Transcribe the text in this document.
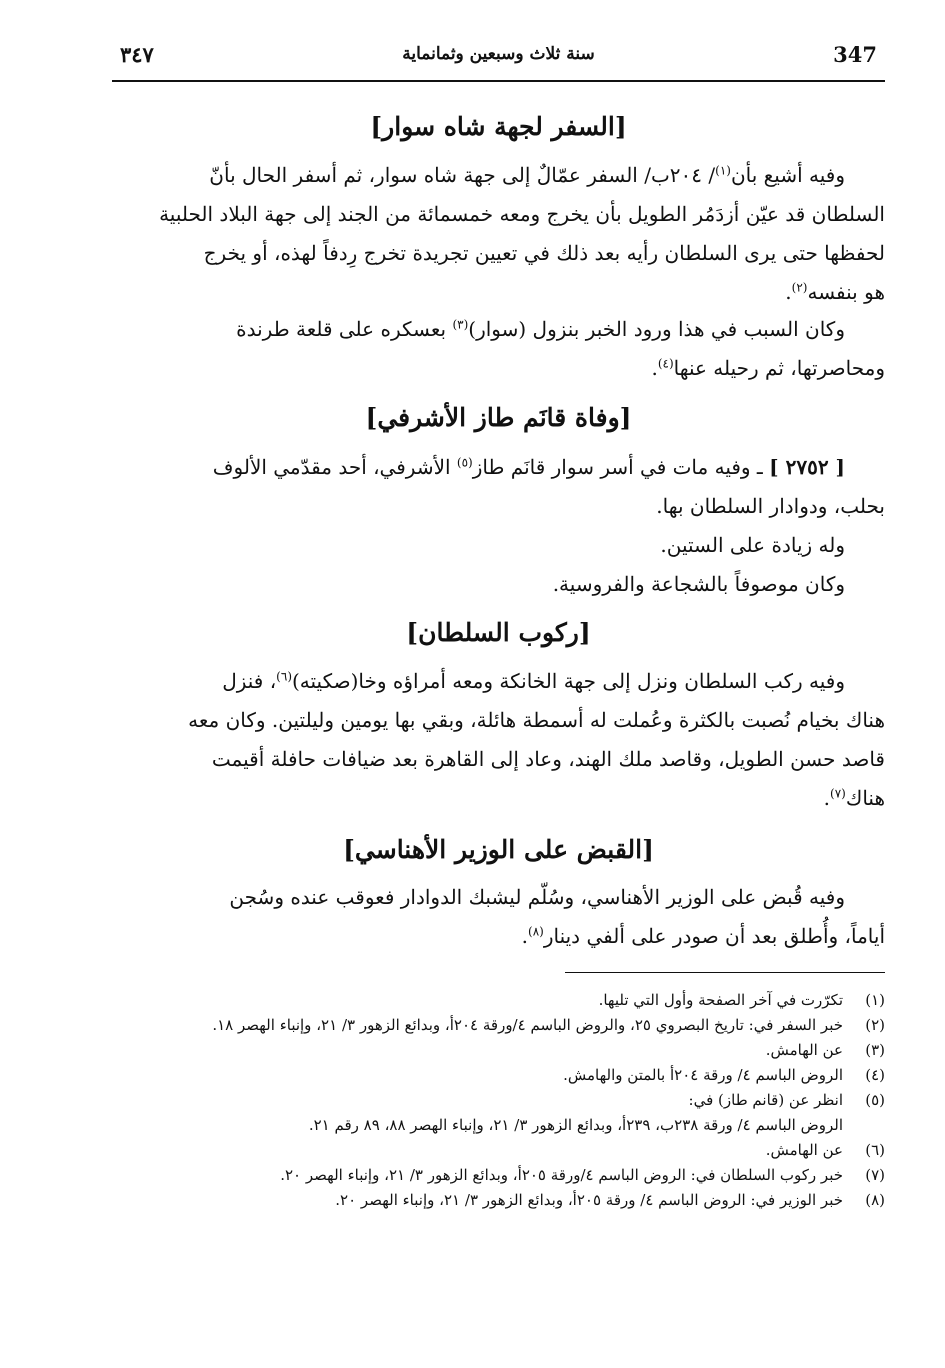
347
سنة ثلاث وسبعين وثمانماية
٣٤٧
[السفر لجهة شاه سوار]

وفيه أشيع بأن$^{(١)}$/ ٢٠٤ب/ السفر عمّالٌ إلى جهة شاه سوار، ثم أسفر الحال بأنّ

السلطان قد عيّن أزدَمُر الطويل بأن يخرج ومعه خمسمائة من الجند إلى جهة البلاد الحلبية

لحفظها حتى يرى السلطان رأيه بعد ذلك في تعيين تجريدة تخرج رِدفاً لهذه، أو يخرج

هو بنفسه$^{(٢)}$.

وكان السبب في هذا ورود الخبر بنزول (سوار)$^{(٣)}$ بعسكره على قلعة طرندة

ومحاصرتها، ثم رحيله عنها$^{(٤)}$.

[وفاة قانَم طاز الأشرفي]

[ ٢٧٥٢ ] ـ وفيه مات في أسر سوار قانَم طاز$^{(٥)}$ الأشرفي، أحد مقدّمي الألوف

بحلب، ودوادار السلطان بها.

وله زيادة على الستين.

وكان موصوفاً بالشجاعة والفروسية.

[ركوب السلطان]

وفيه ركب السلطان ونزل إلى جهة الخانكة ومعه أمراؤه وخا(صكيته)$^{(٦)}$، فنزل

هناك بخيام نُصبت بالكثرة وعُملت له أسمطة هائلة، وبقي بها يومين وليلتين. وكان معه

قاصد حسن الطويل، وقاصد ملك الهند، وعاد إلى القاهرة بعد ضيافات حافلة أقيمت

هناك$^{(٧)}$.

[القبض على الوزير الأهناسي]

وفيه قُبض على الوزير الأهناسي، وسُلّم ليشبك الدوادار فعوقب عنده وسُجن

أياماً، وأُطلق بعد أن صودر على ألفي دينار$^{(٨)}$.

(١)
تكرّرت في آخر الصفحة وأول التي تليها.
(٢)
خبر السفر في: تاريخ البصروي ٢٥، والروض الباسم ٤/ورقة ٢٠٤أ، وبدائع الزهور ٣/ ٢١، وإنباء الهصر ١٨.
(٣)
عن الهامش.
(٤)
الروض الباسم ٤/ ورقة ٢٠٤أ بالمتن والهامش.
(٥)
انظر عن (قانم طاز) في:
الروض الباسم ٤/ ورقة ٢٣٨ب، ٢٣٩أ، وبدائع الزهور ٣/ ٢١، وإنباء الهصر ٨٨، ٨٩ رقم ٢١.
(٦)
عن الهامش.
(٧)
خبر ركوب السلطان في: الروض الباسم ٤/ورقة ٢٠٥أ، وبدائع الزهور ٣/ ٢١، وإنباء الهصر ٢٠.
(٨)
خبر الوزير في: الروض الباسم ٤/ ورقة ٢٠٥أ، وبدائع الزهور ٣/ ٢١، وإنباء الهصر ٢٠.
